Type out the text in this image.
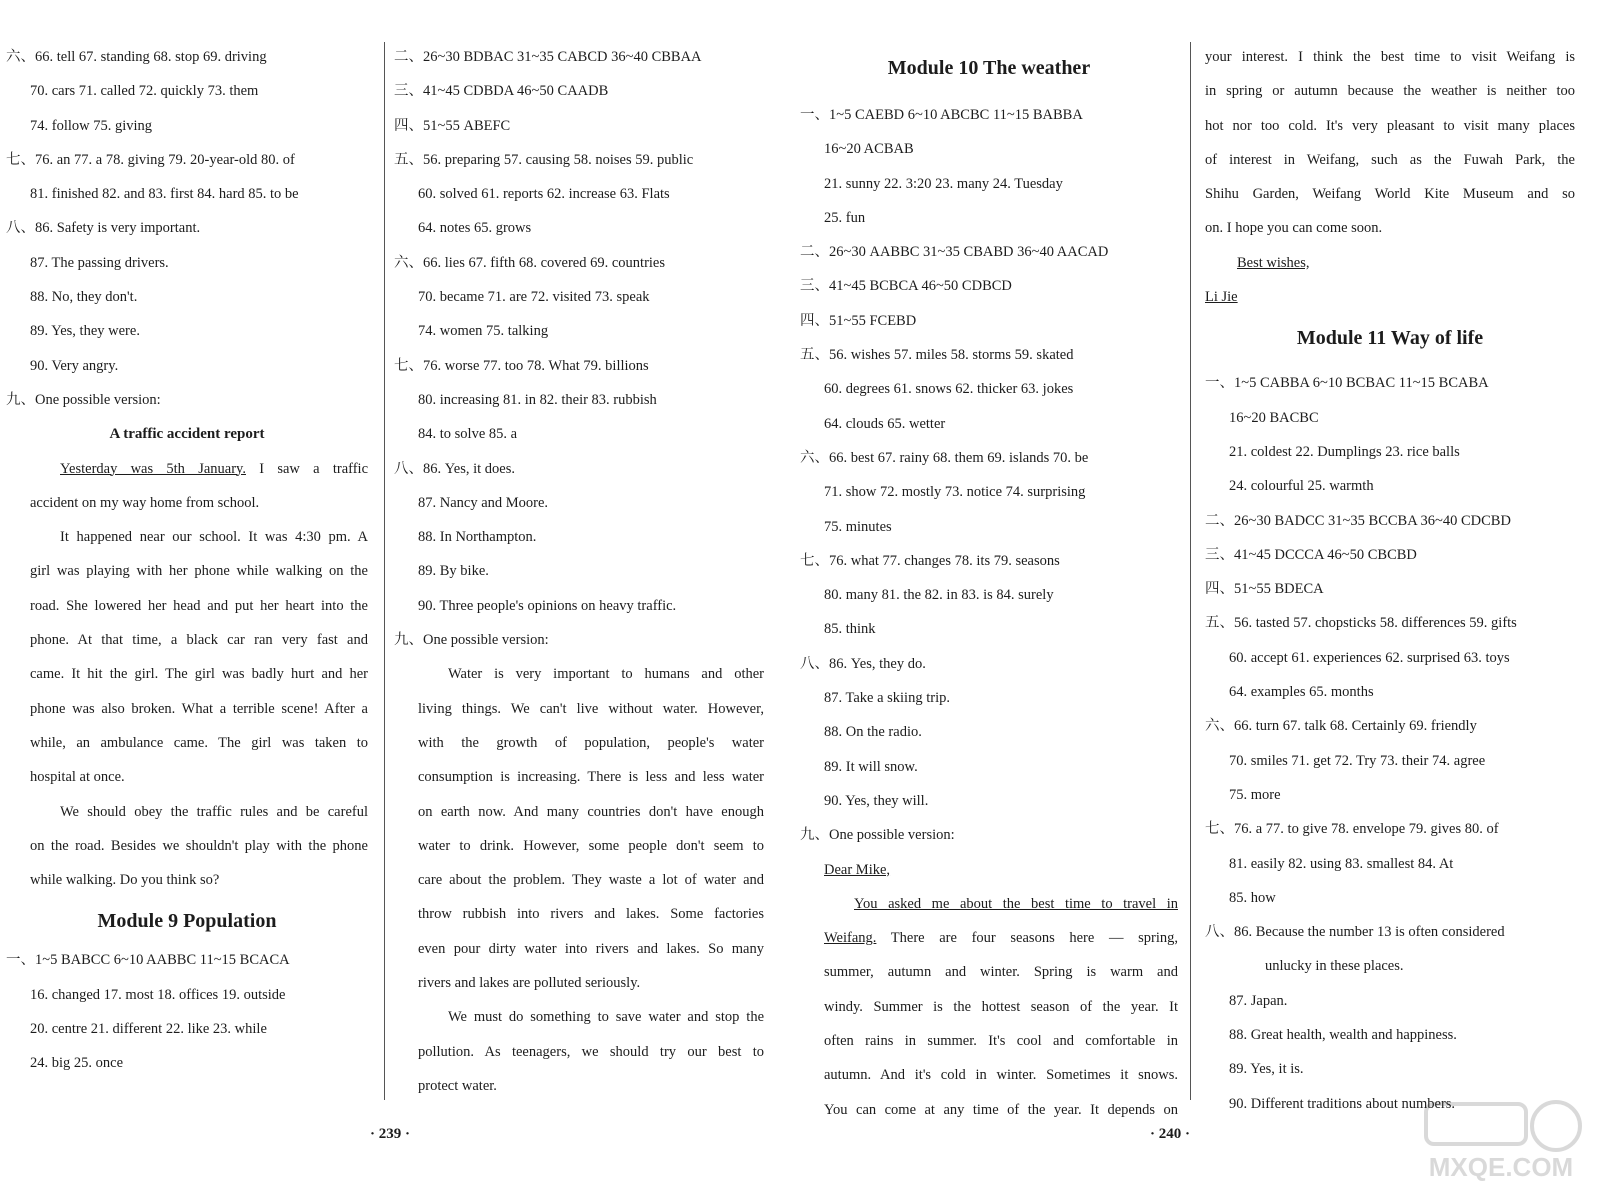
六、66. tell 67. standing 68. stop 69. driving
70. cars 71. called 72. quickly 73. them
74. follow 75. giving
七、76. an 77. a 78. giving 79. 20-year-old 80. of
81. finished 82. and 83. first 84. hard 85. to be
八、86. Safety is very important.
87. The passing drivers.
88. No, they don't.
89. Yes, they were.
90. Very angry.
九、One possible version:
A traffic accident report
Yesterday was 5th January. I saw a traffic
accident on my way home from school.
It happened near our school. It was 4:30 pm. A
girl was playing with her phone while walking on the
road. She lowered her head and put her heart into the
phone. At that time, a black car ran very fast and
came. It hit the girl. The girl was badly hurt and her
phone was also broken. What a terrible scene! After a
while, an ambulance came. The girl was taken to
hospital at once.
We should obey the traffic rules and be careful
on the road. Besides we shouldn't play with the phone
while walking. Do you think so?
Module 9 Population
一、1~5 BABCC 6~10 AABBC 11~15 BCACA
16. changed 17. most 18. offices 19. outside
20. centre 21. different 22. like 23. while
24. big 25. once
二、26~30 BDBAC 31~35 CABCD 36~40 CBBAA
三、41~45 CDBDA 46~50 CAADB
四、51~55 ABEFC
五、56. preparing 57. causing 58. noises 59. public
60. solved 61. reports 62. increase 63. Flats
64. notes 65. grows
六、66. lies 67. fifth 68. covered 69. countries
70. became 71. are 72. visited 73. speak
74. women 75. talking
七、76. worse 77. too 78. What 79. billions
80. increasing 81. in 82. their 83. rubbish
84. to solve 85. a
八、86. Yes, it does.
87. Nancy and Moore.
88. In Northampton.
89. By bike.
90. Three people's opinions on heavy traffic.
九、One possible version:
Water is very important to humans and other
living things. We can't live without water. However,
with the growth of population, people's water
consumption is increasing. There is less and less water
on earth now. And many countries don't have enough
water to drink. However, some people don't seem to
care about the problem. They waste a lot of water and
throw rubbish into rivers and lakes. Some factories
even pour dirty water into rivers and lakes. So many
rivers and lakes are polluted seriously.
We must do something to save water and stop the
pollution. As teenagers, we should try our best to
protect water.
Module 10 The weather
一、1~5 CAEBD 6~10 ABCBC 11~15 BABBA
16~20 ACBAB
21. sunny 22. 3:20 23. many 24. Tuesday
25. fun
二、26~30 AABBC 31~35 CBABD 36~40 AACAD
三、41~45 BCBCA 46~50 CDBCD
四、51~55 FCEBD
五、56. wishes 57. miles 58. storms 59. skated
60. degrees 61. snows 62. thicker 63. jokes
64. clouds 65. wetter
六、66. best 67. rainy 68. them 69. islands 70. be
71. show 72. mostly 73. notice 74. surprising
75. minutes
七、76. what 77. changes 78. its 79. seasons
80. many 81. the 82. in 83. is 84. surely
85. think
八、86. Yes, they do.
87. Take a skiing trip.
88. On the radio.
89. It will snow.
90. Yes, they will.
九、One possible version:
Dear Mike,
You asked me about the best time to travel in
Weifang. There are four seasons here — spring,
summer, autumn and winter. Spring is warm and
windy. Summer is the hottest season of the year. It
often rains in summer. It's cool and comfortable in
autumn. And it's cold in winter. Sometimes it snows.
You can come at any time of the year. It depends on
your interest. I think the best time to visit Weifang is
in spring or autumn because the weather is neither too
hot nor too cold. It's very pleasant to visit many places
of interest in Weifang, such as the Fuwah Park, the
Shihu Garden, Weifang World Kite Museum and so
on. I hope you can come soon.
Best wishes,
Li Jie
Module 11 Way of life
一、1~5 CABBA 6~10 BCBAC 11~15 BCABA
16~20 BACBC
21. coldest 22. Dumplings 23. rice balls
24. colourful 25. warmth
二、26~30 BADCC 31~35 BCCBA 36~40 CDCBD
三、41~45 DCCCA 46~50 CBCBD
四、51~55 BDECA
五、56. tasted 57. chopsticks 58. differences 59. gifts
60. accept 61. experiences 62. surprised 63. toys
64. examples 65. months
六、66. turn 67. talk 68. Certainly 69. friendly
70. smiles 71. get 72. Try 73. their 74. agree
75. more
七、76. a 77. to give 78. envelope 79. gives 80. of
81. easily 82. using 83. smallest 84. At
85. how
八、86. Because the number 13 is often considered
unlucky in these places.
87. Japan.
88. Great health, wealth and happiness.
89. Yes, it is.
90. Different traditions about numbers.
· 239 ·	· 240 ·
MXQE.COM
